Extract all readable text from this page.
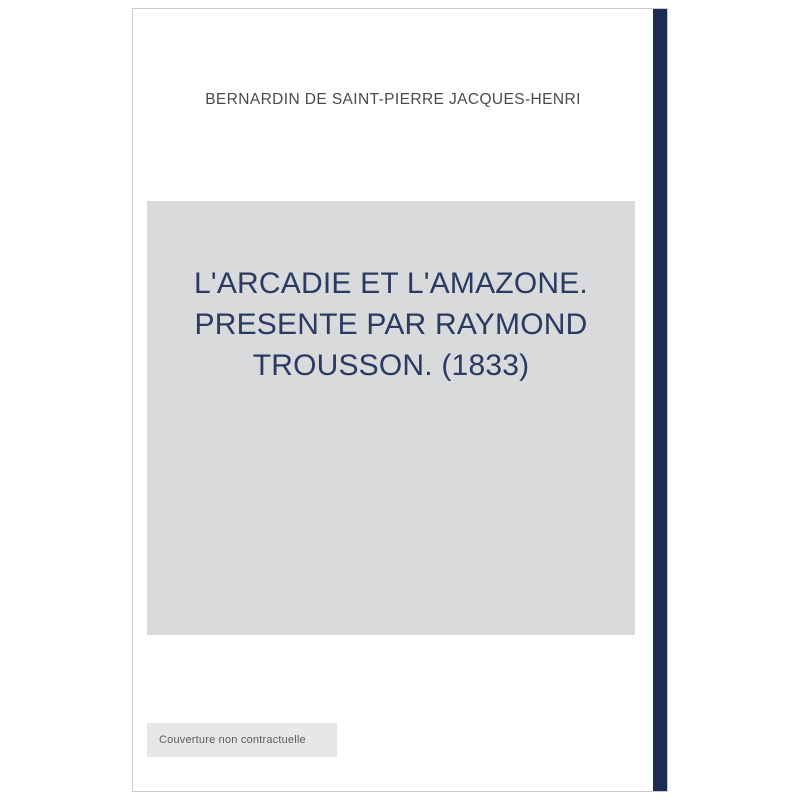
BERNARDIN DE SAINT-PIERRE JACQUES-HENRI
L'ARCADIE ET L'AMAZONE. PRESENTE PAR RAYMOND TROUSSON. (1833)
Couverture non contractuelle
